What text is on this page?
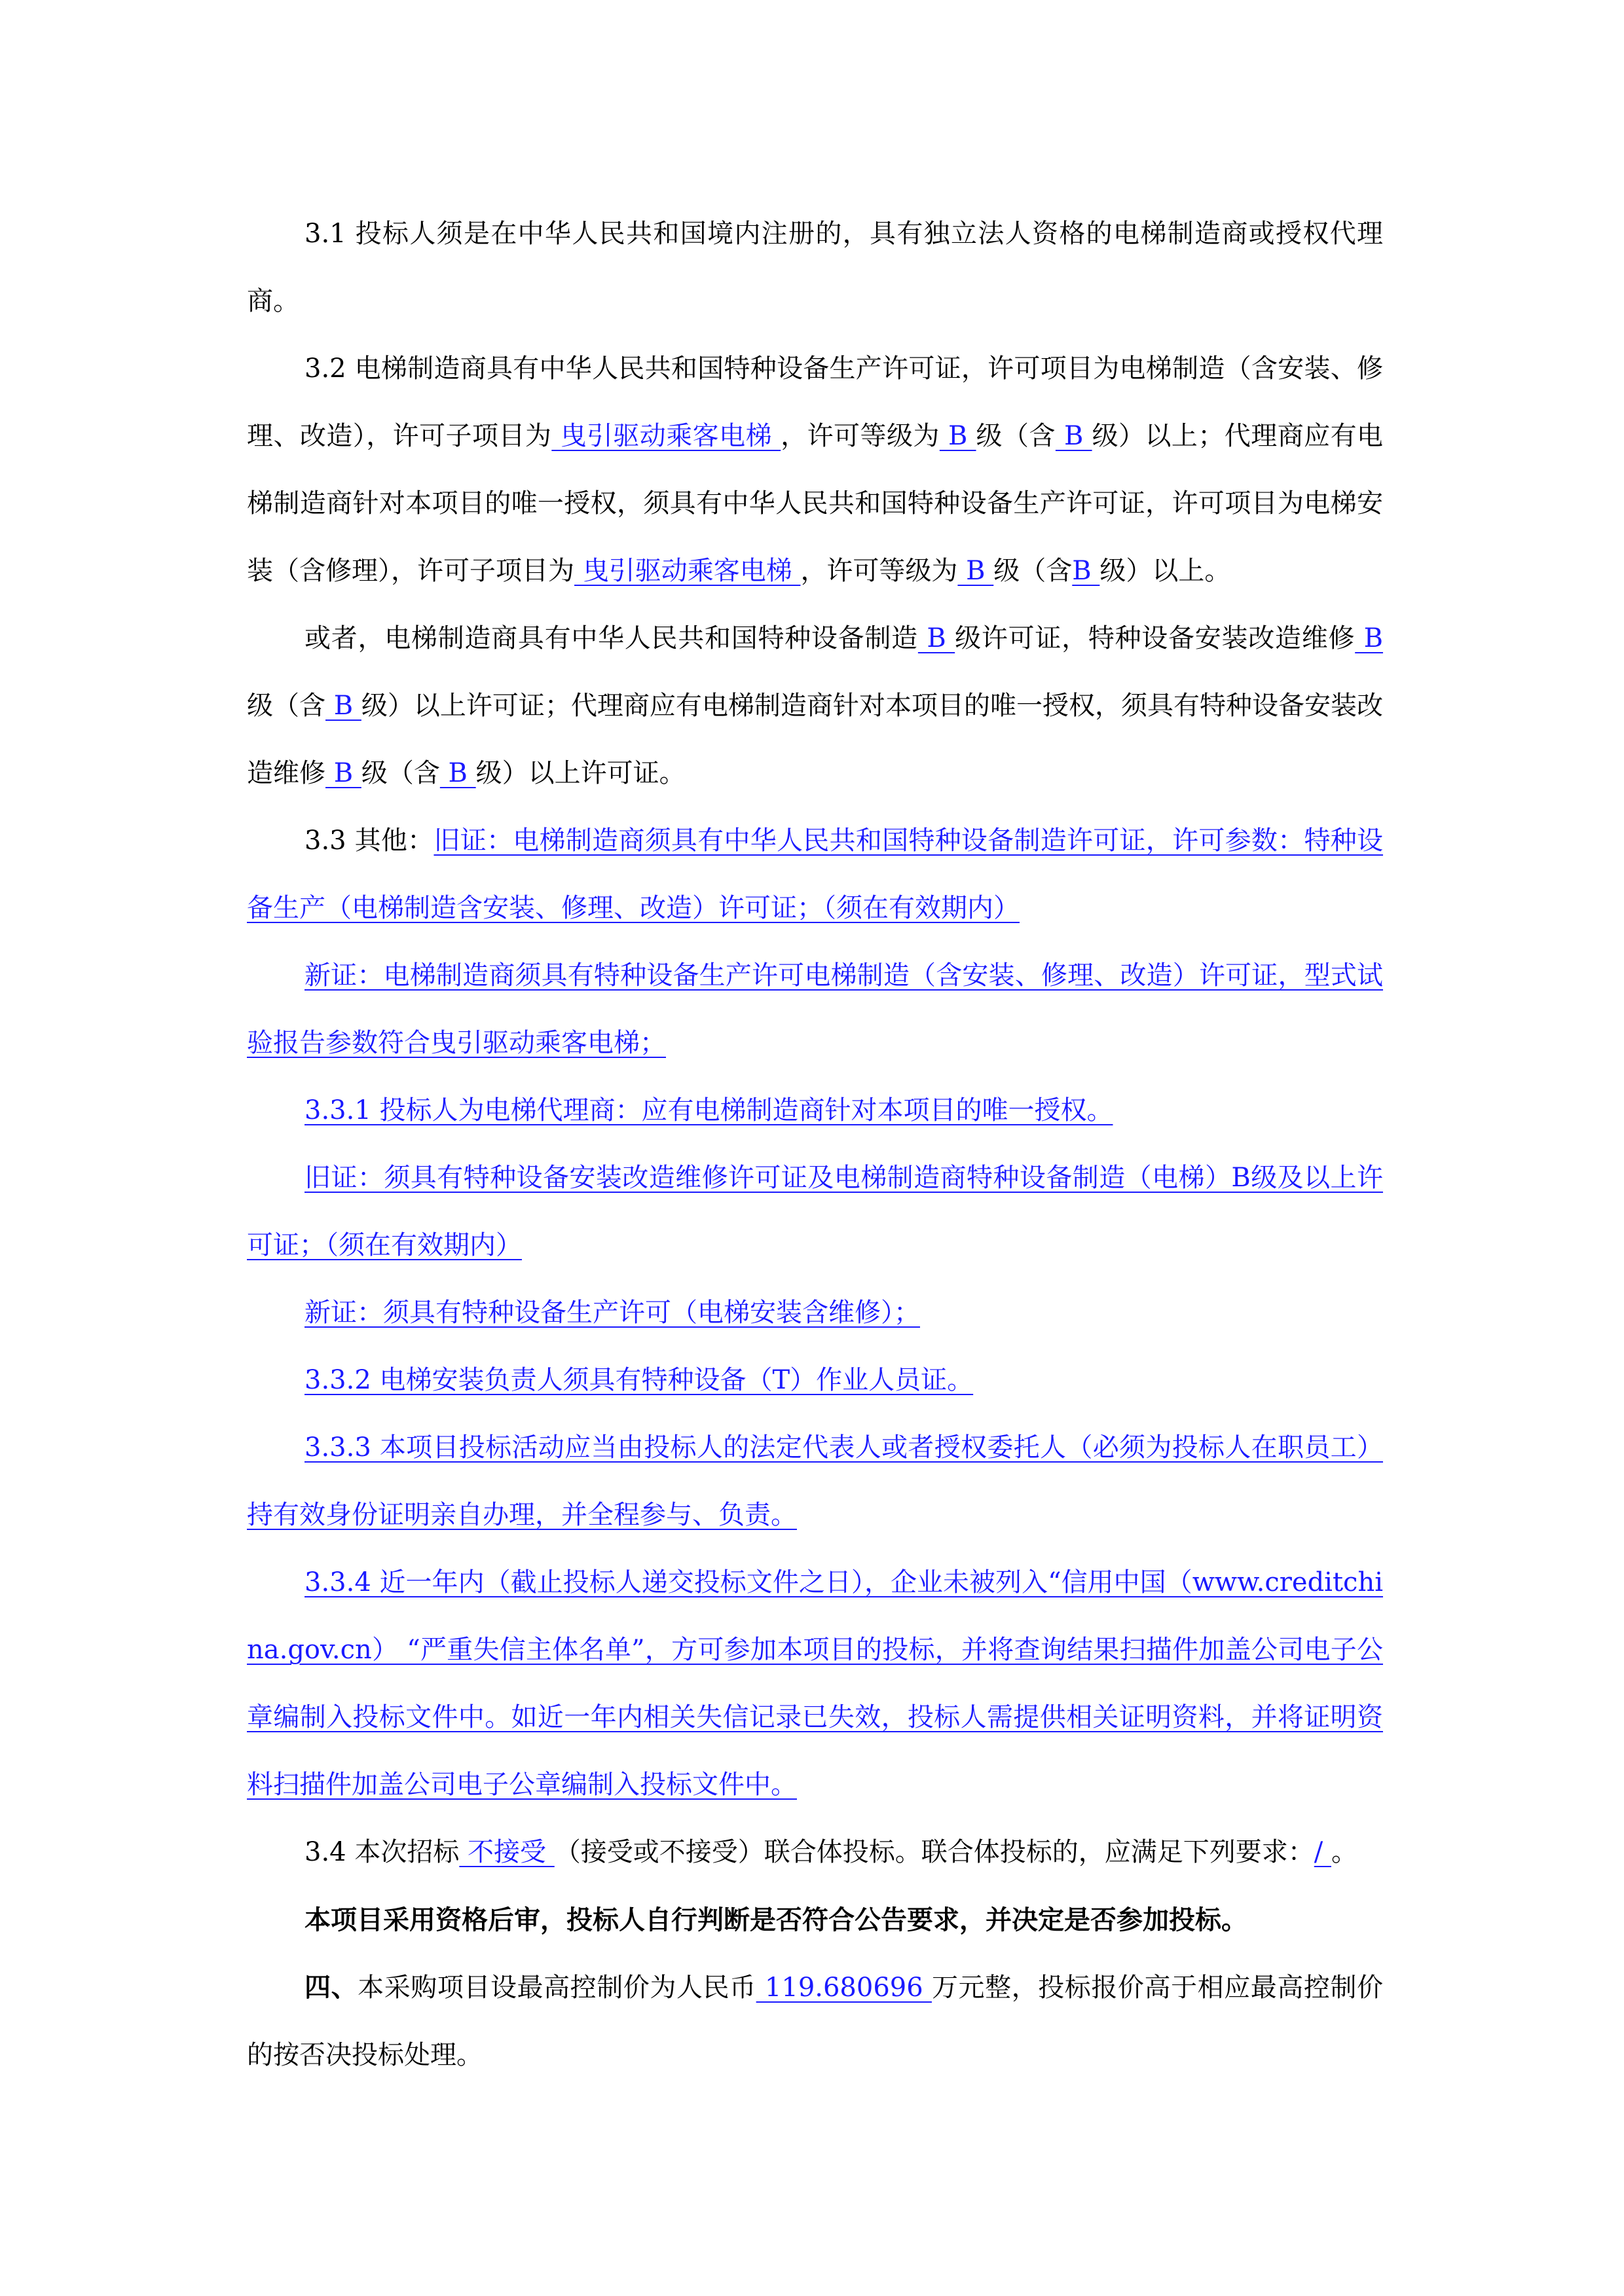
3.1 投标人须是在中华人民共和国境内注册的，具有独立法人资格的电梯制造商或授权代理商。

3.2 电梯制造商具有中华人民共和国特种设备生产许可证，许可项目为电梯制造（含安装、修理、改造），许可子项目为 曳引驱动乘客电梯 ，许可等级为 B 级（含 B 级）以上；代理商应有电梯制造商针对本项目的唯一授权，须具有中华人民共和国特种设备生产许可证，许可项目为电梯安装（含修理），许可子项目为 曳引驱动乘客电梯 ，许可等级为 B 级（含B 级）以上。

或者，电梯制造商具有中华人民共和国特种设备制造 B 级许可证，特种设备安装改造维修 B 级（含 B 级）以上许可证；代理商应有电梯制造商针对本项目的唯一授权，须具有特种设备安装改造维修 B 级（含 B 级）以上许可证。

3.3 其他：旧证：电梯制造商须具有中华人民共和国特种设备制造许可证，许可参数：特种设备生产（电梯制造含安装、修理、改造）许可证；（须在有效期内）

新证：电梯制造商须具有特种设备生产许可电梯制造（含安装、修理、改造）许可证，型式试验报告参数符合曳引驱动乘客电梯；

3.3.1 投标人为电梯代理商：应有电梯制造商针对本项目的唯一授权。

旧证：须具有特种设备安装改造维修许可证及电梯制造商特种设备制造（电梯）B级及以上许可证；（须在有效期内）

新证：须具有特种设备生产许可（电梯安装含维修）；

3.3.2 电梯安装负责人须具有特种设备（T）作业人员证。

3.3.3 本项目投标活动应当由投标人的法定代表人或者授权委托人（必须为投标人在职员工）持有效身份证明亲自办理，并全程参与、负责。

3.3.4 近一年内（截止投标人递交投标文件之日），企业未被列入“信用中国（www.creditchina.gov.cn） “严重失信主体名单”，方可参加本项目的投标，并将查询结果扫描件加盖公司电子公章编制入投标文件中。如近一年内相关失信记录已失效，投标人需提供相关证明资料，并将证明资料扫描件加盖公司电子公章编制入投标文件中。

3.4 本次招标 不接受 （接受或不接受）联合体投标。联合体投标的，应满足下列要求：/ 。

本项目采用资格后审，投标人自行判断是否符合公告要求，并决定是否参加投标。

四、本采购项目设最高控制价为人民币 119.680696 万元整，投标报价高于相应最高控制价的按否决投标处理。
